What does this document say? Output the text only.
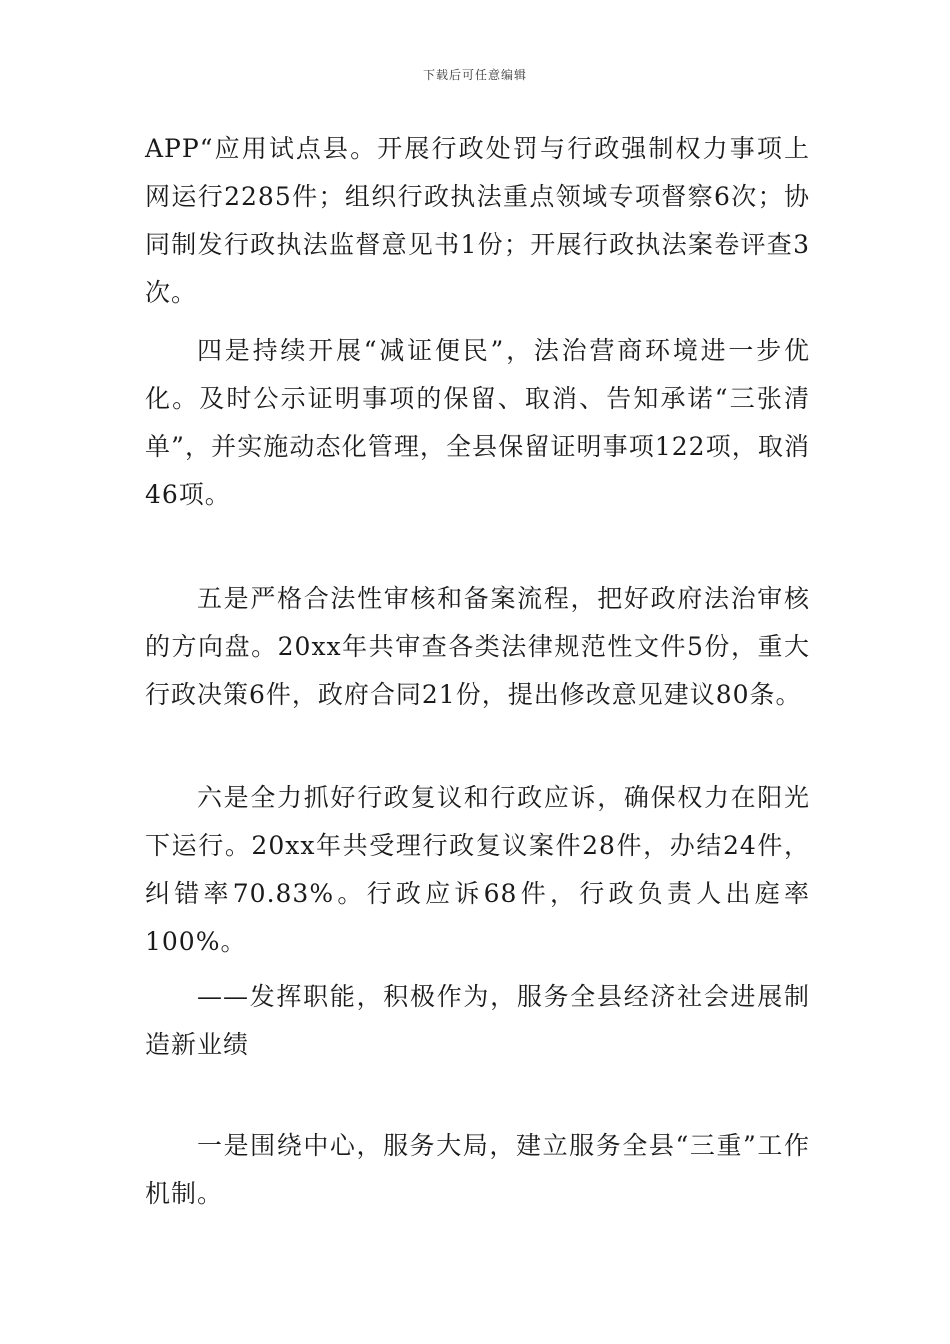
下载后可任意编辑

APP“应用试点县。开展行政处罚与行政强制权力事项上网运行2285件；组织行政执法重点领域专项督察6次；协同制发行政执法监督意见书1份；开展行政执法案卷评查3次。

四是持续开展“减证便民”，法治营商环境进一步优化。及时公示证明事项的保留、取消、告知承诺“三张清单”，并实施动态化管理，全县保留证明事项122项，取消46项。

五是严格合法性审核和备案流程，把好政府法治审核的方向盘。20xx年共审查各类法律规范性文件5份，重大行政决策6件，政府合同21份，提出修改意见建议80条。

六是全力抓好行政复议和行政应诉，确保权力在阳光下运行。20xx年共受理行政复议案件28件，办结24件，纠错率70.83%。行政应诉68件，行政负责人出庭率100%。

——发挥职能，积极作为，服务全县经济社会进展制造新业绩

一是围绕中心，服务大局，建立服务全县“三重”工作机制。
